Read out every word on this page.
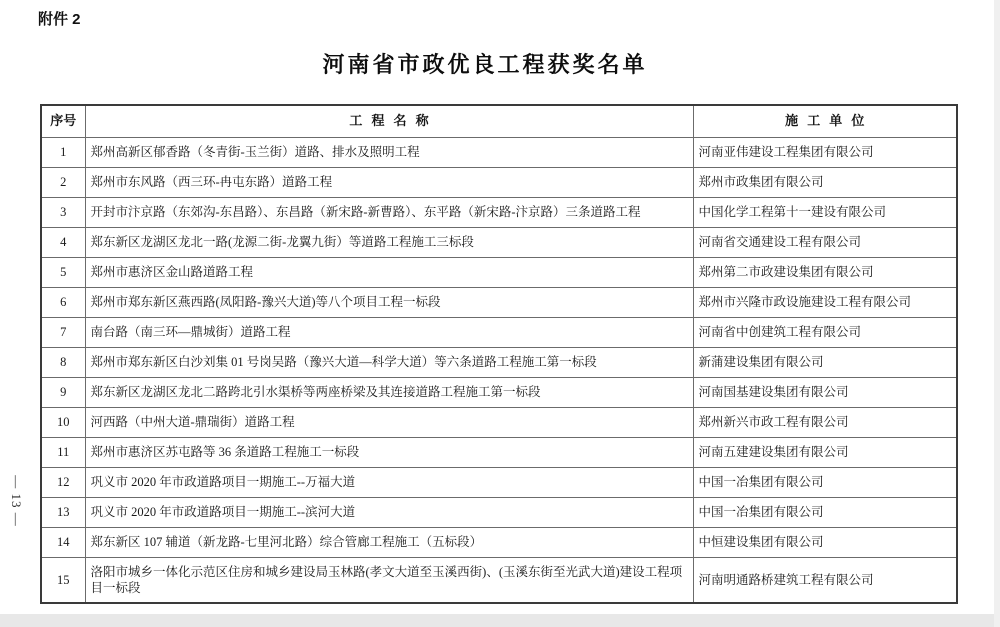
附件 2
河南省市政优良工程获奖名单
序号	工程名称	施工单位
1	郑州高新区郁香路（冬青街-玉兰街）道路、排水及照明工程	河南亚伟建设工程集团有限公司
2	郑州市东风路（西三环-冉屯东路）道路工程	郑州市政集团有限公司
3	开封市汴京路（东郊沟-东昌路）、东昌路（新宋路-新曹路）、东平路（新宋路-汴京路）三条道路工程	中国化学工程第十一建设有限公司
4	郑东新区龙湖区龙北一路(龙源二街-龙翼九街）等道路工程施工三标段	河南省交通建设工程有限公司
5	郑州市惠济区金山路道路工程	郑州第二市政建设集团有限公司
6	郑州市郑东新区燕西路(凤阳路-豫兴大道)等八个项目工程一标段	郑州市兴隆市政设施建设工程有限公司
7	南台路（南三环—鼎城街）道路工程	河南省中创建筑工程有限公司
8	郑州市郑东新区白沙刘集 01 号岗吴路（豫兴大道—科学大道）等六条道路工程施工第一标段	新蒲建设集团有限公司
9	郑东新区龙湖区龙北二路跨北引水渠桥等两座桥梁及其连接道路工程施工第一标段	河南国基建设集团有限公司
10	河西路（中州大道-鼎瑞街）道路工程	郑州新兴市政工程有限公司
11	郑州市惠济区苏屯路等 36 条道路工程施工一标段	河南五建建设集团有限公司
12	巩义市 2020 年市政道路项目一期施工--万福大道	中国一冶集团有限公司
13	巩义市 2020 年市政道路项目一期施工--滨河大道	中国一冶集团有限公司
14	郑东新区 107 辅道（新龙路-七里河北路）综合管廊工程施工（五标段）	中恒建设集团有限公司
15	洛阳市城乡一体化示范区住房和城乡建设局玉林路(孝文大道至玉溪西街)、(玉溪东街至光武大道)建设工程项目一标段	河南明通路桥建筑工程有限公司
— 13 —
